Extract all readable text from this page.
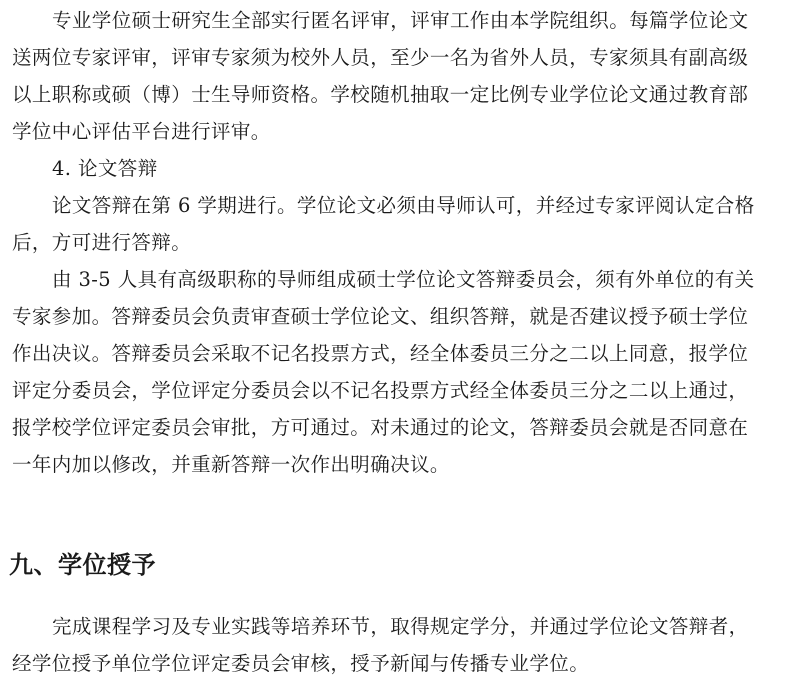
专业学位硕士研究生全部实行匿名评审，评审工作由本学院组织。每篇学位论文
送两位专家评审，评审专家须为校外人员，至少一名为省外人员，专家须具有副高级
以上职称或硕（博）士生导师资格。学校随机抽取一定比例专业学位论文通过教育部
学位中心评估平台进行评审。
4. 论文答辩
论文答辩在第 6 学期进行。学位论文必须由导师认可，并经过专家评阅认定合格
后，方可进行答辩。
由 3-5 人具有高级职称的导师组成硕士学位论文答辩委员会，须有外单位的有关
专家参加。答辩委员会负责审查硕士学位论文、组织答辩，就是否建议授予硕士学位
作出决议。答辩委员会采取不记名投票方式，经全体委员三分之二以上同意，报学位
评定分委员会，学位评定分委员会以不记名投票方式经全体委员三分之二以上通过，
报学校学位评定委员会审批，方可通过。对未通过的论文，答辩委员会就是否同意在
一年内加以修改，并重新答辩一次作出明确决议。
九、学位授予
完成课程学习及专业实践等培养环节，取得规定学分，并通过学位论文答辩者，
经学位授予单位学位评定委员会审核，授予新闻与传播专业学位。
